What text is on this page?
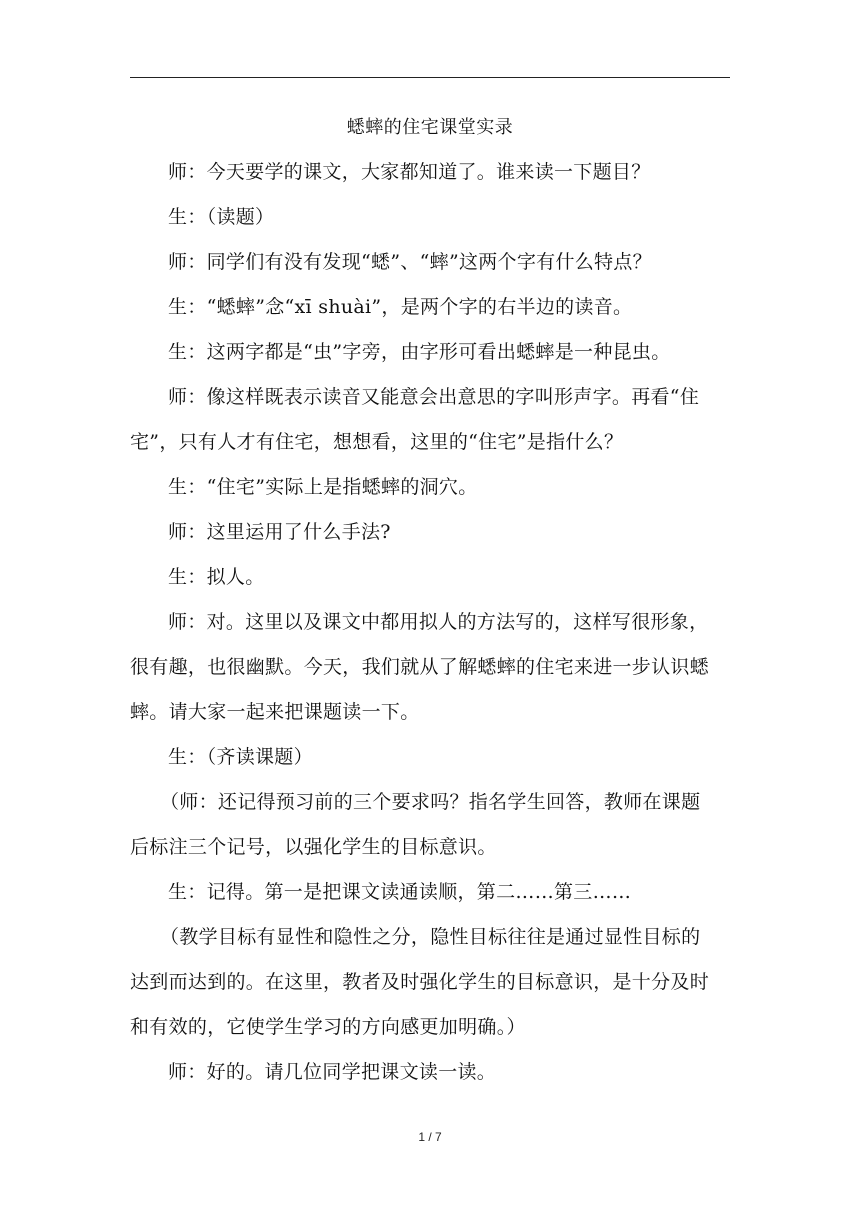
蟋蟀的住宅课堂实录
师：今天要学的课文，大家都知道了。谁来读一下题目？
生：（读题）
师：同学们有没有发现“蟋”、“蟀”这两个字有什么特点？
生：“蟋蟀”念“xī shuài”，是两个字的右半边的读音。
生：这两字都是“虫”字旁，由字形可看出蟋蟀是一种昆虫。
师：像这样既表示读音又能意会出意思的字叫形声字。再看“住
宅”，只有人才有住宅，想想看，这里的“住宅”是指什么？
生：“住宅”实际上是指蟋蟀的洞穴。
师：这里运用了什么手法?
生：拟人。
师：对。这里以及课文中都用拟人的方法写的，这样写很形象，
很有趣，也很幽默。今天，我们就从了解蟋蟀的住宅来进一步认识蟋
蟀。请大家一起来把课题读一下。
生：（齐读课题）
（师：还记得预习前的三个要求吗？指名学生回答，教师在课题
后标注三个记号，以强化学生的目标意识。
生：记得。第一是把课文读通读顺，第二……第三……
（教学目标有显性和隐性之分，隐性目标往往是通过显性目标的
达到而达到的。在这里，教者及时强化学生的目标意识，是十分及时
和有效的，它使学生学习的方向感更加明确。）
师：好的。请几位同学把课文读一读。
1 / 7
